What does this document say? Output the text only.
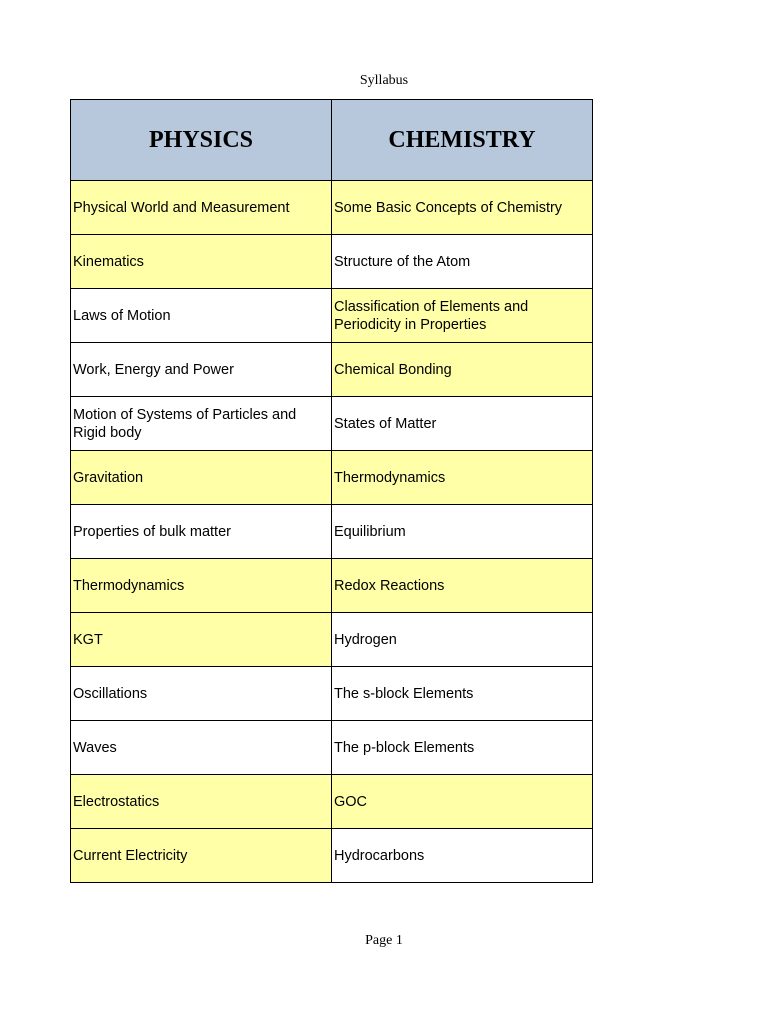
Syllabus
PHYSICS	CHEMISTRY
Physical World and Measurement	Some Basic Concepts of Chemistry
Kinematics	Structure of the Atom
Laws of Motion	Classification of Elements and Periodicity in Properties
Work, Energy and Power	Chemical Bonding
Motion of Systems of Particles and Rigid body	States of Matter
Gravitation	Thermodynamics
Properties of bulk matter	Equilibrium
Thermodynamics	Redox Reactions
KGT	Hydrogen
Oscillations	The s-block Elements
Waves	The p-block Elements
Electrostatics	GOC
Current Electricity	Hydrocarbons
Page 1
